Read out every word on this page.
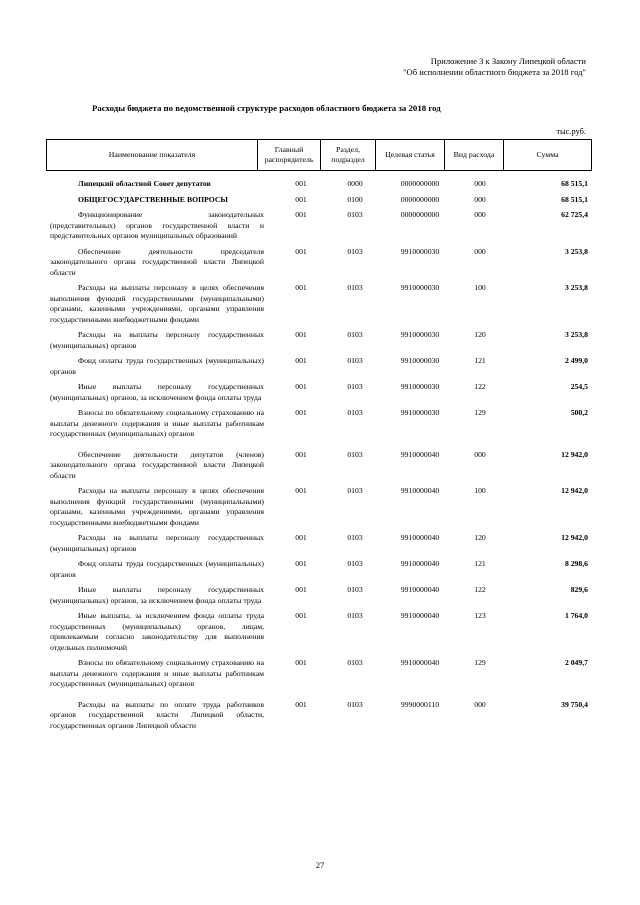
Приложение 3 к Закону Липецкой области
"Об исполнении областного бюджета за 2018 год"
Расходы бюджета по ведомственной структуре расходов областного бюджета за 2018 год
тыс.руб.
Наименование показателя	Главный распорядитель	Раздел, подраздел	Целевая статья	Вид расхода	Сумма
Липецкий областной Совет депутатов	001	0000	0000000000	000	68 515,1
ОБЩЕГОСУДАРСТВЕННЫЕ ВОПРОСЫ	001	0100	0000000000	000	68 515,1
Функционирование законодательных (представительных) органов государственной власти и представительных органов муниципальных образований
001	0103	0000000000	000	62 725,4
Обеспечение деятельности председателя законодательного органа государственной власти Липецкой области
001	0103	9910000030	000	3 253,8
Расходы на выплаты персоналу в целях обеспечения выполнения функций государственными (муниципальными) органами, казенными учреждениями, органами управления государственными внебюджетными фондами
001	0103	9910000030	100	3 253,8
Расходы на выплаты персоналу государственных (муниципальных) органов
001	0103	9910000030	120	3 253,8
Фонд оплаты труда государственных (муниципальных) органов
001	0103	9910000030	121	2 499,0
Иные выплаты персоналу государственных (муниципальных) органов, за исключением фонда оплаты труда
001	0103	9910000030	122	254,5
Взносы по обязательному социальному страхованию на выплаты денежного содержания и иные выплаты работникам государственных (муниципальных) органов
001	0103	9910000030	129	500,2
Обеспечение деятельности депутатов (членов) законодательного органа государственной власти Липецкой области
001	0103	9910000040	000	12 942,0
Расходы на выплаты персоналу в целях обеспечения выполнения функций государственными (муниципальными) органами, казенными учреждениями, органами управления государственными внебюджетными фондами
001	0103	9910000040	100	12 942,0
Расходы на выплаты персоналу государственных (муниципальных) органов
001	0103	9910000040	120	12 942,0
Фонд оплаты труда государственных (муниципальных) органов
001	0103	9910000040	121	8 298,6
Иные выплаты персоналу государственных (муниципальных) органов, за исключением фонда оплаты труда
001	0103	9910000040	122	829,6
Иные выплаты, за исключением фонда оплаты труда государственных (муниципальных) органов, лицам, привлекаемым согласно законодательству для выполнения отдельных полномочий
001	0103	9910000040	123	1 764,0
Взносы по обязательному социальному страхованию на выплаты денежного содержания и иные выплаты работникам государственных (муниципальных) органов
001	0103	9910000040	129	2 049,7
Расходы на выплаты по оплате труда работников органов государственной власти Липецкой области, государственных органов Липецкой области
001	0103	9990000110	000	39 750,4
27
